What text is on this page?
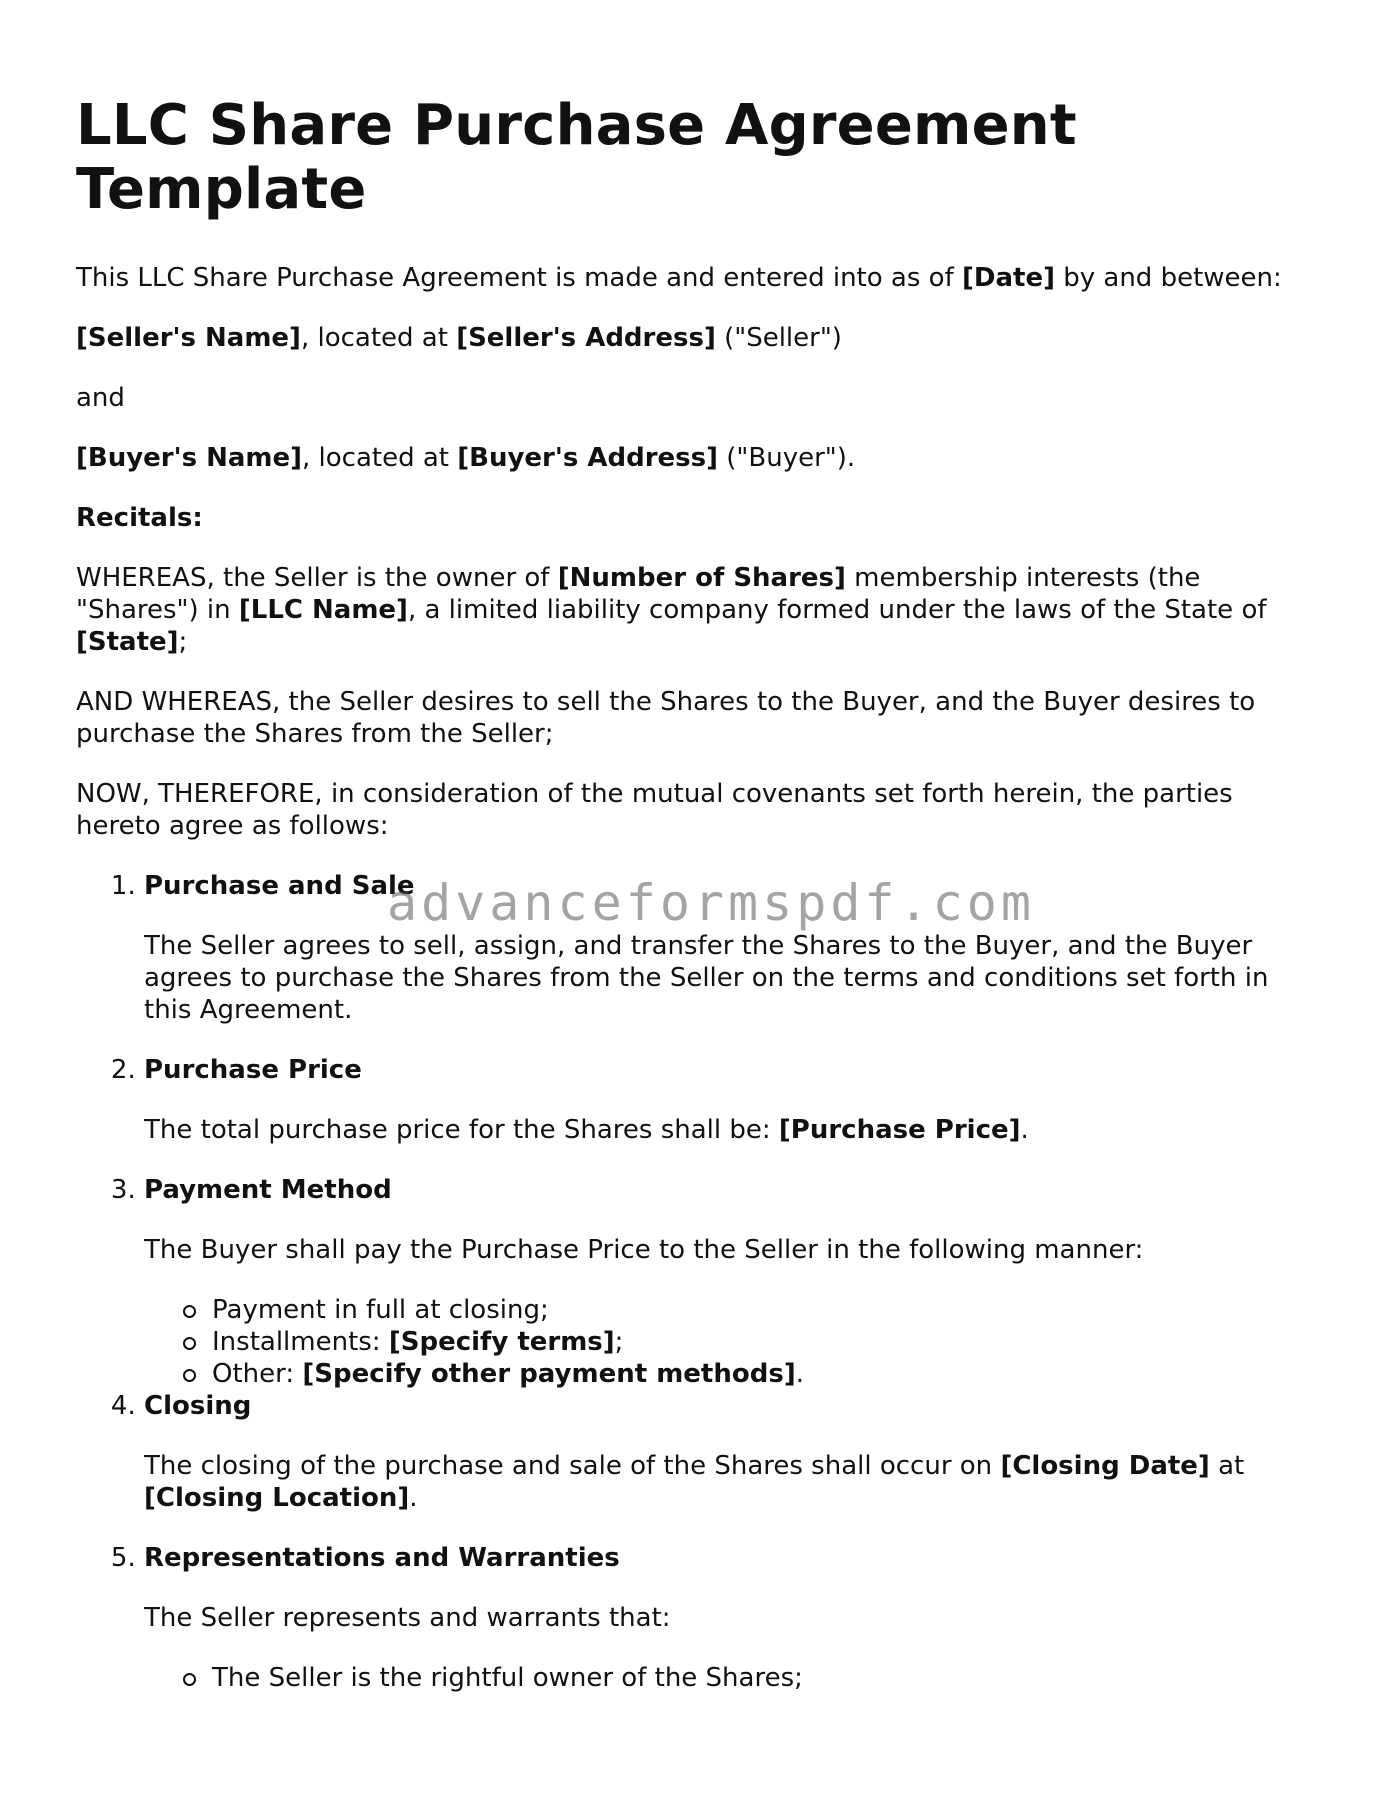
LLC Share Purchase Agreement Template

This LLC Share Purchase Agreement is made and entered into as of [Date] by and between:

[Seller's Name], located at [Seller's Address] ("Seller")

and

[Buyer's Name], located at [Buyer's Address] ("Buyer").

Recitals:

WHEREAS, the Seller is the owner of [Number of Shares] membership interests (the "Shares") in [LLC Name], a limited liability company formed under the laws of the State of [State];

AND WHEREAS, the Seller desires to sell the Shares to the Buyer, and the Buyer desires to purchase the Shares from the Seller;

NOW, THEREFORE, in consideration of the mutual covenants set forth herein, the parties hereto agree as follows:

1. Purchase and Sale

The Seller agrees to sell, assign, and transfer the Shares to the Buyer, and the Buyer agrees to purchase the Shares from the Seller on the terms and conditions set forth in this Agreement.

2. Purchase Price

The total purchase price for the Shares shall be: [Purchase Price].

3. Payment Method

The Buyer shall pay the Purchase Price to the Seller in the following manner:

Payment in full at closing;
Installments: [Specify terms];
Other: [Specify other payment methods].
4. Closing

The closing of the purchase and sale of the Shares shall occur on [Closing Date] at [Closing Location].

5. Representations and Warranties

The Seller represents and warrants that:

The Seller is the rightful owner of the Shares;
advanceformspdf.com
